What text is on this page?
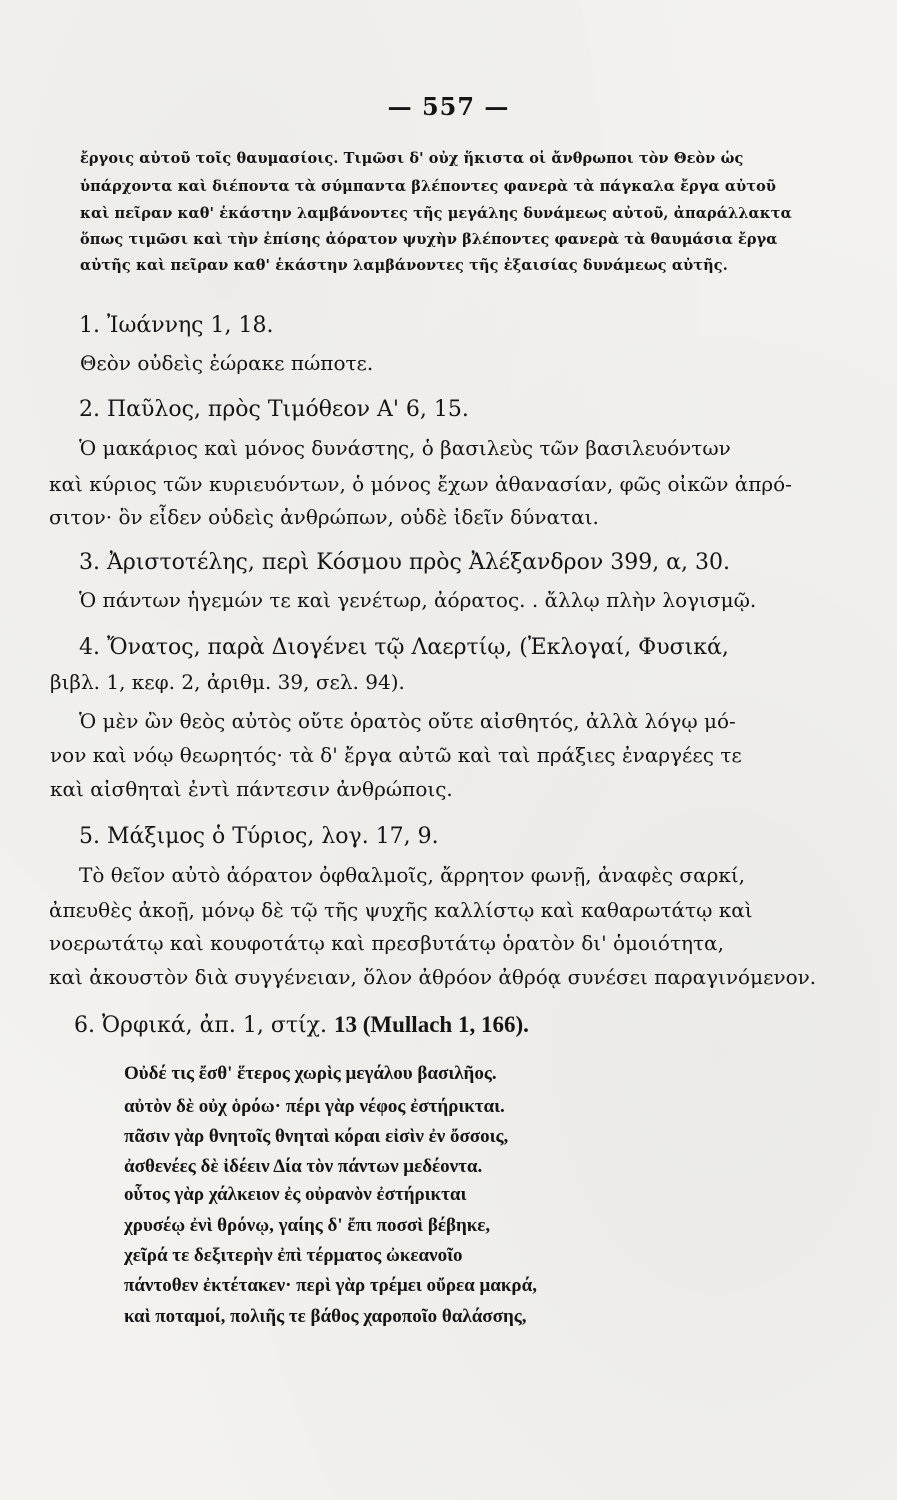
— 557 —
ἔργοις αὐτοῦ τοῖς θαυμασίοις. Τιμῶσι δ' οὐχ ἥκιστα οἱ ἄνθρωποι τὸν Θεὸν ὡς
ὑπάρχοντα καὶ διέποντα τὰ σύμπαντα βλέποντες φανερὰ τὰ πάγκαλα ἔργα αὐτοῦ
καὶ πεῖραν καθ' ἑκάστην λαμβάνοντες τῆς μεγάλης δυνάμεως αὐτοῦ, ἀπαράλλακτα
ὅπως τιμῶσι καὶ τὴν ἐπίσης ἀόρατον ψυχὴν βλέποντες φανερὰ τὰ θαυμάσια ἔργα
αὐτῆς καὶ πεῖραν καθ' ἑκάστην λαμβάνοντες τῆς ἐξαισίας δυνάμεως αὐτῆς.
1. Ἰωάννης 1, 18.
Θεὸν οὐδεὶς ἑώρακε πώποτε.
2. Παῦλος, πρὸς Τιμόθεον Α' 6, 15.
Ὁ μακάριος καὶ μόνος δυνάστης, ὁ βασιλεὺς τῶν βασιλευόντων
καὶ κύριος τῶν κυριευόντων, ὁ μόνος ἔχων ἀθανασίαν, φῶς οἰκῶν ἀπρό-
σιτον· ὃν εἶδεν οὐδεὶς ἀνθρώπων, οὐδὲ ἰδεῖν δύναται.
3. Ἀριστοτέλης, περὶ Κόσμου πρὸς Ἀλέξανδρον 399, α, 30.
Ὁ πάντων ἡγεμών τε καὶ γενέτωρ, ἀόρατος. . ἄλλῳ πλὴν λογισμῷ.
4. Ὄνατος, παρὰ Διογένει τῷ Λαερτίῳ, (Ἐκλογαί, Φυσικά,
βιβλ. 1, κεφ. 2, ἀριθμ. 39, σελ. 94).
Ὁ μὲν ὢν θεὸς αὐτὸς οὔτε ὁρατὸς οὔτε αἰσθητός, ἀλλὰ λόγῳ μό-
νον καὶ νόῳ θεωρητός· τὰ δ' ἔργα αὐτῶ καὶ ταὶ πράξιες ἐναργέες τε
καὶ αἰσθηταὶ ἐντὶ πάντεσιν ἀνθρώποις.
5. Μάξιμος ὁ Τύριος, λογ. 17, 9.
Τὸ θεῖον αὐτὸ ἀόρατον ὀφθαλμοῖς, ἄρρητον φωνῇ, ἀναφὲς σαρκί,
ἀπευθὲς ἀκοῇ, μόνῳ δὲ τῷ τῆς ψυχῆς καλλίστῳ καὶ καθαρωτάτῳ καὶ
νοερωτάτῳ καὶ κουφοτάτῳ καὶ πρεσβυτάτῳ ὁρατὸν δι' ὁμοιότητα,
καὶ ἀκουστὸν διὰ συγγένειαν, ὅλον ἀθρόον ἀθρόᾳ συνέσει παραγινόμενον.
6. Ὀρφικά, ἀπ. 1, στίχ. 13 (Mullach 1, 166).
Οὐδέ τις ἔσθ' ἕτερος χωρὶς μεγάλου βασιλῆος.
αὐτὸν δὲ οὐχ ὁρόω· πέρι γὰρ νέφος ἐστήρικται.
πᾶσιν γὰρ θνητοῖς θνηταὶ κόραι εἰσὶν ἐν ὄσσοις,
ἀσθενέες δὲ ἰδέειν Δία τὸν πάντων μεδέοντα.
οὗτος γὰρ χάλκειον ἐς οὐρανὸν ἐστήρικται
χρυσέῳ ἐνὶ θρόνῳ, γαίης δ' ἔπι ποσσὶ βέβηκε,
χεῖρά τε δεξιτερὴν ἐπὶ τέρματος ὠκεανοῖο
πάντοθεν ἐκτέτακεν· περὶ γὰρ τρέμει οὔρεα μακρά,
καὶ ποταμοί, πολιῆς τε βάθος χαροποῖο θαλάσσης,
